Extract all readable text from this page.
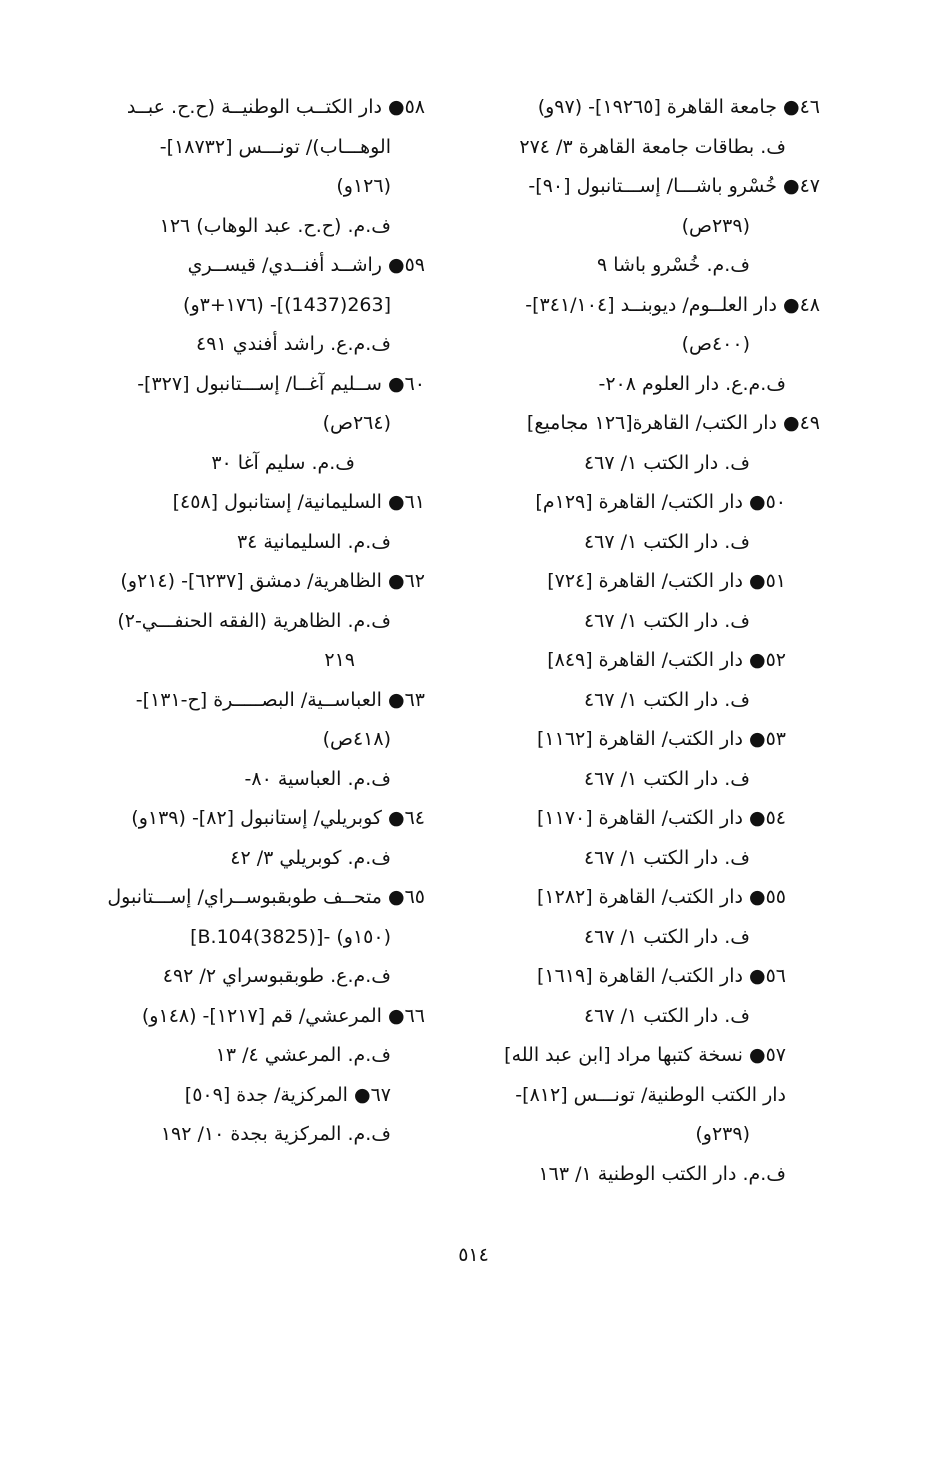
٤٦● جامعة القاهرة [١٩٢٦٥]- (٩٧و)
ف. بطاقات جامعة القاهرة ٣/ ٢٧٤
٤٧● خُسْرو باشـــا/ إســـتانبول [٩٠]-
(٢٣٩ص)
ف.م. خُسْرو باشا ٩
٤٨● دار العلــوم/ ديوبنــد [٣٤١/١٠٤]-
(٤٠٠ص)
ف.م.ع. دار العلوم ٢٠٨-
٤٩● دار الكتب/ القاهرة[١٢٦ مجاميع]
ف. دار الكتب ١/ ٤٦٧
٥٠● دار الكتب/ القاهرة [١٢٩م]
ف. دار الكتب ١/ ٤٦٧
٥١● دار الكتب/ القاهرة [٧٢٤]
ف. دار الكتب ١/ ٤٦٧
٥٢● دار الكتب/ القاهرة [٨٤٩]
ف. دار الكتب ١/ ٤٦٧
٥٣● دار الكتب/ القاهرة [١١٦٢]
ف. دار الكتب ١/ ٤٦٧
٥٤● دار الكتب/ القاهرة [١١٧٠]
ف. دار الكتب ١/ ٤٦٧
٥٥● دار الكتب/ القاهرة [١٢٨٢]
ف. دار الكتب ١/ ٤٦٧
٥٦● دار الكتب/ القاهرة [١٦١٩]
ف. دار الكتب ١/ ٤٦٧
٥٧● نسخة كتبها مراد [ابن عبد الله]
دار الكتب الوطنية/ تونـــس [٨١٢]-
(٢٣٩و)
ف.م. دار الكتب الوطنية ١/ ١٦٣
٥٨● دار الكتــب الوطنيــة (ح.ح. عبــد
الوهـــاب)/ تونـــس [١٨٧٣٢]-
(١٢٦و)
ف.م. (ح.ح. عبد الوهاب) ١٢٦
٥٩● راشــد أفنــدي/ قيســري
[263(1437)]- (١٧٦+٣و)
ف.م.ع. راشد أفندي ٤٩١
٦٠● ســليم آغــا/ إســـتانبول [٣٢٧]-
(٢٦٤ص)
ف.م. سليم آغا ٣٠
٦١● السليمانية/ إستانبول [٤٥٨]
ف.م. السليمانية ٣٤
٦٢● الظاهرية/ دمشق [٦٢٣٧]- (٢١٤و)
ف.م. الظاهرية (الفقه الحنفـــي-٢)
٢١٩
٦٣● العباســية/ البصـــــرة [ح-١٣١]-
(٤١٨ص)
ف.م. العباسية ٨٠-
٦٤● كوبريلي/ إستانبول [٨٢]- (١٣٩و)
ف.م. كوبريلي ٣/ ٤٢
٦٥● متحــف طوبقبوســراي/ إســـتانبول
[B.104(3825)]- (١٥٠و)
ف.م.ع. طوبقبوسراي ٢/ ٤٩٢
٦٦● المرعشي/ قم [١٢١٧]- (١٤٨و)
ف.م. المرعشي ٤/ ١٣
٦٧● المركزية/ جدة [٥٠٩]
ف.م. المركزية بجدة ١٠/ ١٩٢
٥١٤
